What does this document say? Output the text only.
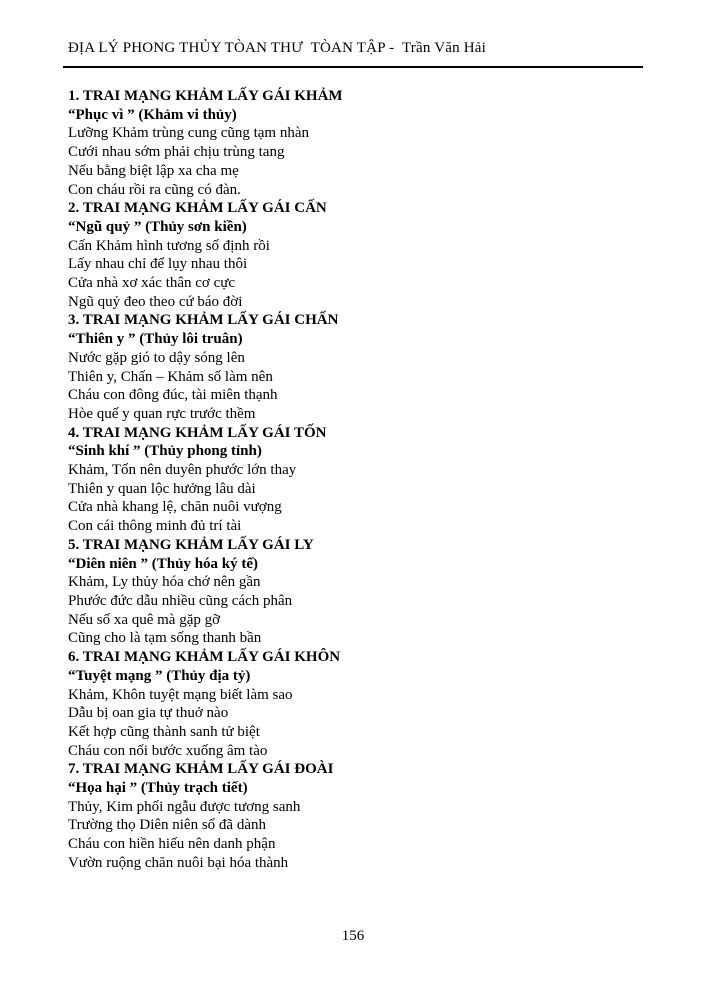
ĐỊA LÝ PHONG THỦY TÒAN THƯ  TÒAN TẬP -  Trần Văn Hải
1. TRAI MẠNG KHẢM LẤY GÁI KHẢM
“Phục vì ” (Khảm vi thủy)
Lưỡng Khảm trùng cung cũng tạm nhàn
Cưới nhau sớm phải chịu trùng tang
Nếu bằng biệt lập xa cha mẹ
Con cháu rồi ra cũng có đàn.
2. TRAI MẠNG KHẢM LẤY GÁI CẤN
“Ngũ quỷ ” (Thủy sơn kiền)
Cấn Khảm hình tương số định rồi
Lấy nhau chỉ để lụy nhau thôi
Cửa nhà xơ xác thân cơ cực
Ngũ quỷ đeo theo cứ báo đời
3. TRAI MẠNG KHẢM LẤY GÁI CHẤN
“Thiên y ” (Thủy lôi truân)
Nước gặp gió to dậy sóng lên
Thiên y, Chấn – Khảm số làm nên
Cháu con đông đúc, tài miên thạnh
Hòe quế y quan rực trước thềm
4. TRAI MẠNG KHẢM LẤY GÁI TỐN
“Sinh khí ” (Thủy phong tỉnh)
Khảm, Tốn nên duyên phước lớn thay
Thiên y quan lộc hưởng lâu dài
Cửa nhà khang lệ, chăn nuôi vượng
Con cái thông minh đủ trí tài
5. TRAI MẠNG KHẢM LẤY GÁI LY
“Diên niên ” (Thủy hóa ký tế)
Khảm, Ly thủy hóa chớ nên gần
Phước đức dẫu nhiều cũng cách phân
Nếu số xa quê mà gặp gỡ
Cũng cho là tạm sống thanh bần
6. TRAI MẠNG KHẢM LẤY GÁI KHÔN
“Tuyệt mạng ” (Thủy địa tỷ)
Khảm, Khôn tuyệt mạng biết làm sao
Dẫu bị oan gia tự thuở nào
Kết hợp cũng thành sanh tử biệt
Cháu con nối bước xuống âm tào
7. TRAI MẠNG KHẢM LẤY GÁI ĐOÀI
“Họa hại ” (Thủy trạch tiết)
Thủy, Kim phối ngẫu được tương sanh
Trường thọ Diên niên số đã dành
Cháu con hiền hiếu nên danh phận
Vườn ruộng chăn nuôi bại hóa thành
156
